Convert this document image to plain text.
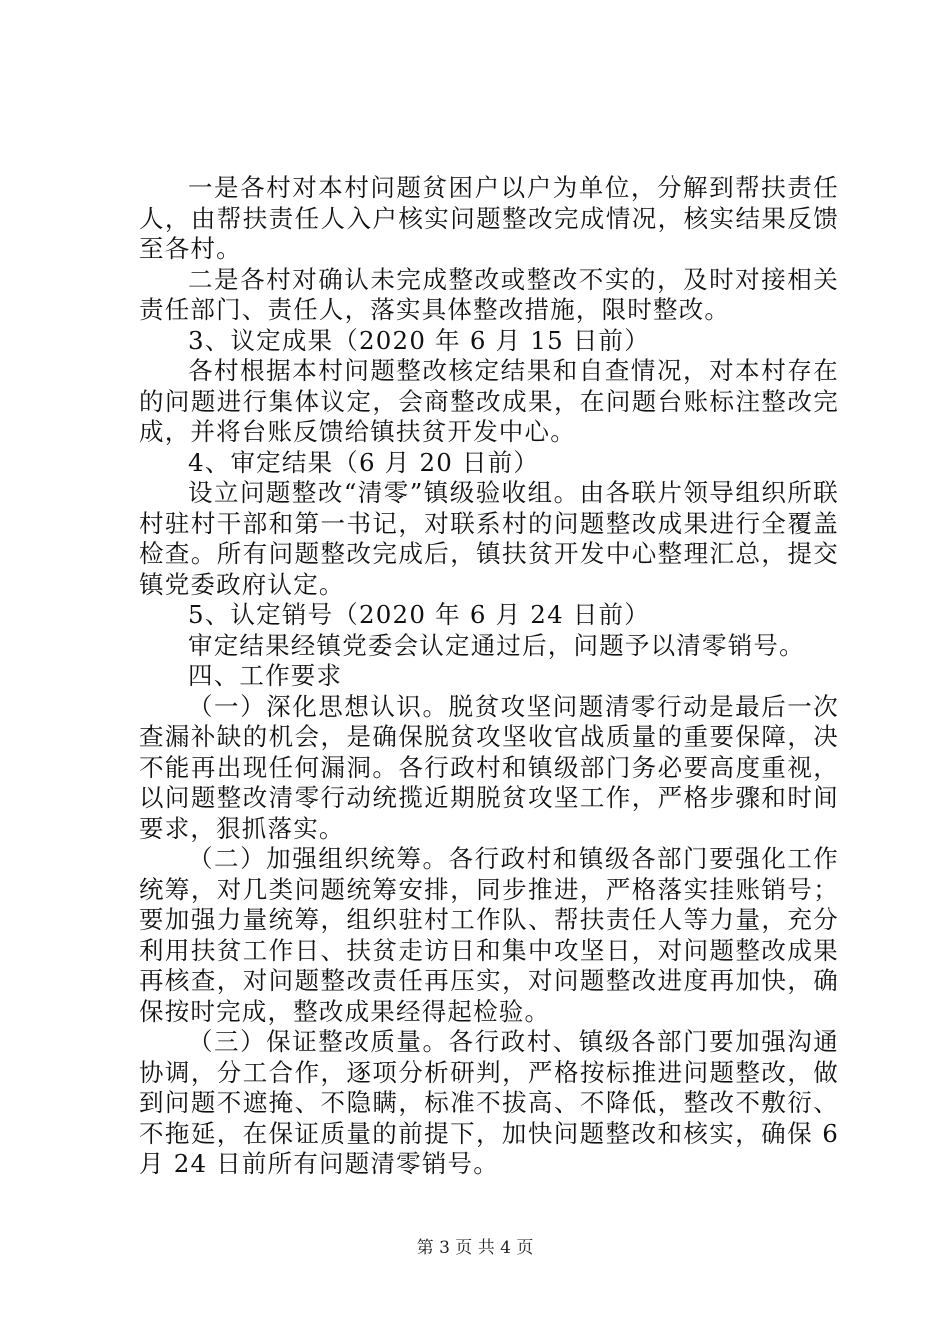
一是各村对本村问题贫困户以户为单位，分解到帮扶责任人，由帮扶责任人入户核实问题整改完成情况，核实结果反馈至各村。

二是各村对确认未完成整改或整改不实的，及时对接相关责任部门、责任人，落实具体整改措施，限时整改。

3、议定成果（2020 年 6 月 15 日前）

各村根据本村问题整改核定结果和自查情况，对本村存在的问题进行集体议定，会商整改成果，在问题台账标注整改完成，并将台账反馈给镇扶贫开发中心。

4、审定结果（6 月 20 日前）

设立问题整改“清零”镇级验收组。由各联片领导组织所联村驻村干部和第一书记，对联系村的问题整改成果进行全覆盖检查。所有问题整改完成后，镇扶贫开发中心整理汇总，提交镇党委政府认定。

5、认定销号（2020 年 6 月 24 日前）

审定结果经镇党委会认定通过后，问题予以清零销号。

四、工作要求

（一）深化思想认识。脱贫攻坚问题清零行动是最后一次查漏补缺的机会，是确保脱贫攻坚收官战质量的重要保障，决不能再出现任何漏洞。各行政村和镇级部门务必要高度重视，以问题整改清零行动统揽近期脱贫攻坚工作，严格步骤和时间要求，狠抓落实。

（二）加强组织统筹。各行政村和镇级各部门要强化工作统筹，对几类问题统筹安排，同步推进，严格落实挂账销号；要加强力量统筹，组织驻村工作队、帮扶责任人等力量，充分利用扶贫工作日、扶贫走访日和集中攻坚日，对问题整改成果再核查，对问题整改责任再压实，对问题整改进度再加快，确保按时完成，整改成果经得起检验。

（三）保证整改质量。各行政村、镇级各部门要加强沟通协调，分工合作，逐项分析研判，严格按标推进问题整改，做到问题不遮掩、不隐瞒，标准不拔高、不降低，整改不敷衍、不拖延，在保证质量的前提下，加快问题整改和核实，确保 6 月 24 日前所有问题清零销号。

第 3 页 共 4 页
